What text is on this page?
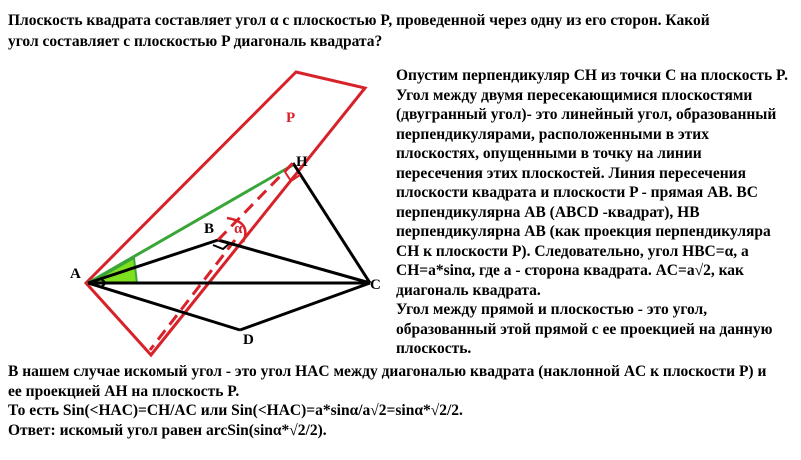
Плоскость квадрата составляет угол α с плоскостью P, проведенной через одну из его сторон. Какой
угол составляет с плоскостью P диагональ квадрата?
P
A
B
C
D
H
α
Опустим перпендикуляр CH из точки C на плоскость P.
Угол между двумя пересекающимися плоскостями
(двугранный угол)- это линейный угол, образованный
перпендикулярами, расположенными в этих
плоскостях, опущенными в точку на линии
пересечения этих плоскостей. Линия пересечения
плоскости квадрата и плоскости P - прямая AB. BC
перпендикулярна AB (ABCD -квадрат), HB
перпендикулярна AB (как проекция перпендикуляра
CH к плоскости P). Следовательно, угол HBC=α, а
CH=a*sinα, где a - сторона квадрата. AC=a√2, как
диагональ квадрата.
Угол между прямой и плоскостью - это угол,
образованный этой прямой с ее проекцией на данную
плоскость.
В нашем случае искомый угол - это угол HAC между диагональю квадрата (наклонной AC к плоскости P) и
ее проекцией AH на плоскость P.
То есть Sin(<HAC)=CH/AC или Sin(<HAC)=a*sinα/a√2=sinα*√2/2.
Ответ: искомый угол равен arcSin(sinα*√2/2).
